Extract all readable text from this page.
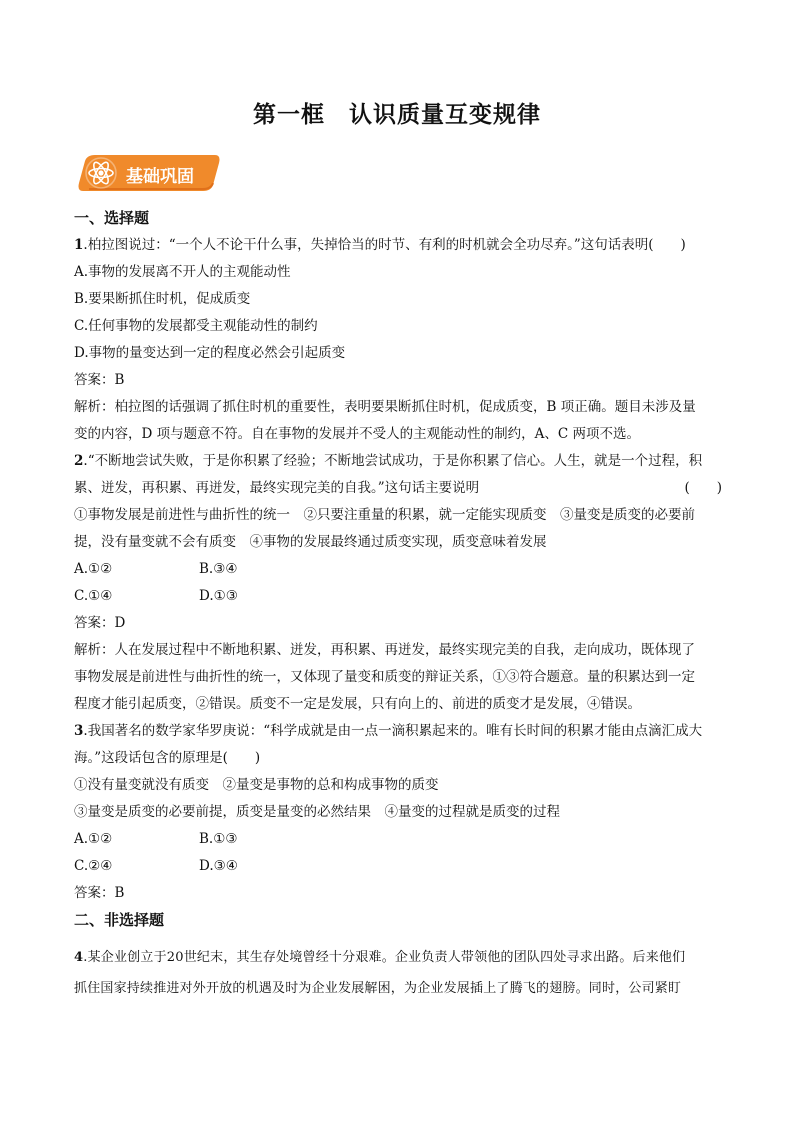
第一框　认识质量互变规律
基础巩固
一、选择题
1.柏拉图说过：“一个人不论干什么事，失掉恰当的时节、有利的时机就会全功尽弃。”这句话表明(　　)
A.事物的发展离不开人的主观能动性
B.要果断抓住时机，促成质变
C.任何事物的发展都受主观能动性的制约
D.事物的量变达到一定的程度必然会引起质变
答案：B
解析：柏拉图的话强调了抓住时机的重要性，表明要果断抓住时机，促成质变，B 项正确。题目未涉及量
变的内容，D 项与题意不符。自在事物的发展并不受人的主观能动性的制约，A、C 两项不选。
2.“不断地尝试失败，于是你积累了经验；不断地尝试成功，于是你积累了信心。人生，就是一个过程，积
累、迸发，再积累、再迸发，最终实现完美的自我。”这句话主要说明	(　　)
①事物发展是前进性与曲折性的统一　②只要注重量的积累，就一定能实现质变　③量变是质变的必要前
提，没有量变就不会有质变　④事物的发展最终通过质变实现，质变意味着发展
A.①②	B.③④
C.①④	D.①③
答案：D
解析：人在发展过程中不断地积累、迸发，再积累、再迸发，最终实现完美的自我，走向成功，既体现了
事物发展是前进性与曲折性的统一，又体现了量变和质变的辩证关系，①③符合题意。量的积累达到一定
程度才能引起质变，②错误。质变不一定是发展，只有向上的、前进的质变才是发展，④错误。
3.我国著名的数学家华罗庚说：“科学成就是由一点一滴积累起来的。唯有长时间的积累才能由点滴汇成大
海。”这段话包含的原理是(　　)
①没有量变就没有质变　②量变是事物的总和构成事物的质变
③量变是质变的必要前提，质变是量变的必然结果　④量变的过程就是质变的过程
A.①②	B.①③
C.②④	D.③④
答案：B
二、非选择题
4.某企业创立于20世纪末，其生存处境曾经十分艰难。企业负责人带领他的团队四处寻求出路。后来他们
抓住国家持续推进对外开放的机遇及时为企业发展解困，为企业发展插上了腾飞的翅膀。同时，公司紧盯
